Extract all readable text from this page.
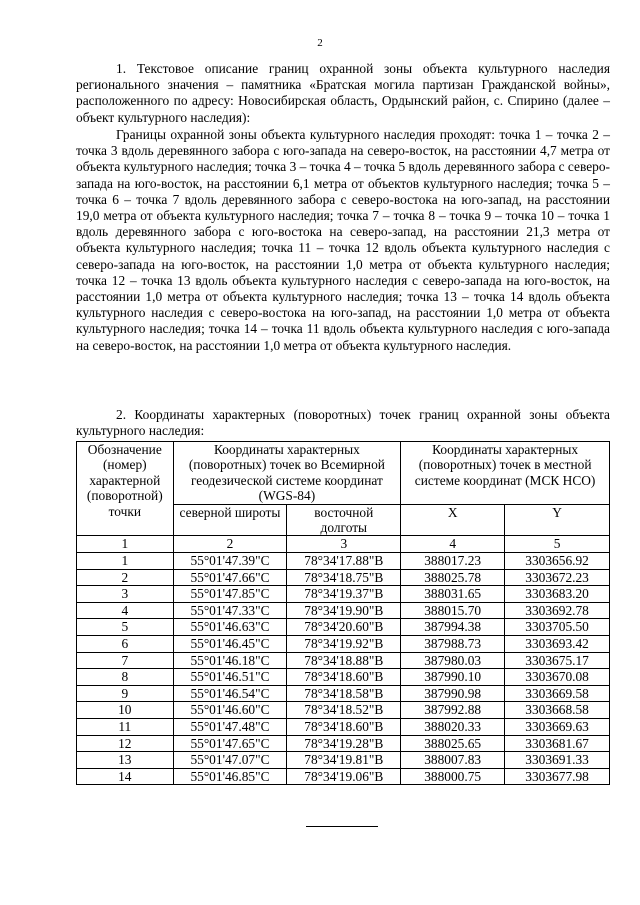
2

1. Текстовое описание границ охранной зоны объекта культурного наследия регионального значения – памятника «Братская могила партизан Гражданской войны», расположенного по адресу: Новосибирская область, Ордынский район, с. Спирино (далее – объект культурного наследия):

Границы охранной зоны объекта культурного наследия проходят: точка 1 – точка 2 – точка 3 вдоль деревянного забора с юго-запада на северо-восток, на расстоянии 4,7 метра от объекта культурного наследия; точка 3 – точка 4 – точка 5 вдоль деревянного забора с северо-запада на юго-восток, на расстоянии 6,1 метра от объектов культурного наследия; точка 5 – точка 6 – точка 7 вдоль деревянного забора с северо-востока на юго-запад, на расстоянии 19,0 метра от объекта культурного наследия; точка 7 – точка 8 – точка 9 – точка 10 – точка 1 вдоль деревянного забора с юго-востока на северо-запад, на расстоянии 21,3 метра от объекта культурного наследия; точка 11 – точка 12 вдоль объекта культурного наследия с северо-запада на юго-восток, на расстоянии 1,0 метра от объекта культурного наследия; точка 12 – точка 13 вдоль объекта культурного наследия с северо-запада на юго-восток, на расстоянии 1,0 метра от объекта культурного наследия; точка 13 – точка 14 вдоль объекта культурного наследия с северо-востока на юго-запад, на расстоянии 1,0 метра от объекта культурного наследия; точка 14 – точка 11 вдоль объекта культурного наследия с юго-запада на северо-восток, на расстоянии 1,0 метра от объекта культурного наследия.

2. Координаты характерных (поворотных) точек границ охранной зоны объекта культурного наследия:

Обозначение (номер) характерной (поворотной) точки	Координаты характерных (поворотных) точек во Всемирной геодезической системе координат (WGS-84)		Координаты характерных (поворотных) точек в местной системе координат (МСК НСО)	
	северной широты	восточной долготы	X	Y
1	2	3	4	5
1	55°01'47.39"С	78°34'17.88"В	388017.23	3303656.92
2	55°01'47.66"С	78°34'18.75"В	388025.78	3303672.23
3	55°01'47.85"С	78°34'19.37"В	388031.65	3303683.20
4	55°01'47.33"С	78°34'19.90"В	388015.70	3303692.78
5	55°01'46.63"С	78°34'20.60"В	387994.38	3303705.50
6	55°01'46.45"С	78°34'19.92"В	387988.73	3303693.42
7	55°01'46.18"С	78°34'18.88"В	387980.03	3303675.17
8	55°01'46.51"С	78°34'18.60"В	387990.10	3303670.08
9	55°01'46.54"С	78°34'18.58"В	387990.98	3303669.58
10	55°01'46.60"С	78°34'18.52"В	387992.88	3303668.58
11	55°01'47.48"С	78°34'18.60"В	388020.33	3303669.63
12	55°01'47.65"С	78°34'19.28"В	388025.65	3303681.67
13	55°01'47.07"С	78°34'19.81"В	388007.83	3303691.33
14	55°01'46.85"С	78°34'19.06"В	388000.75	3303677.98
